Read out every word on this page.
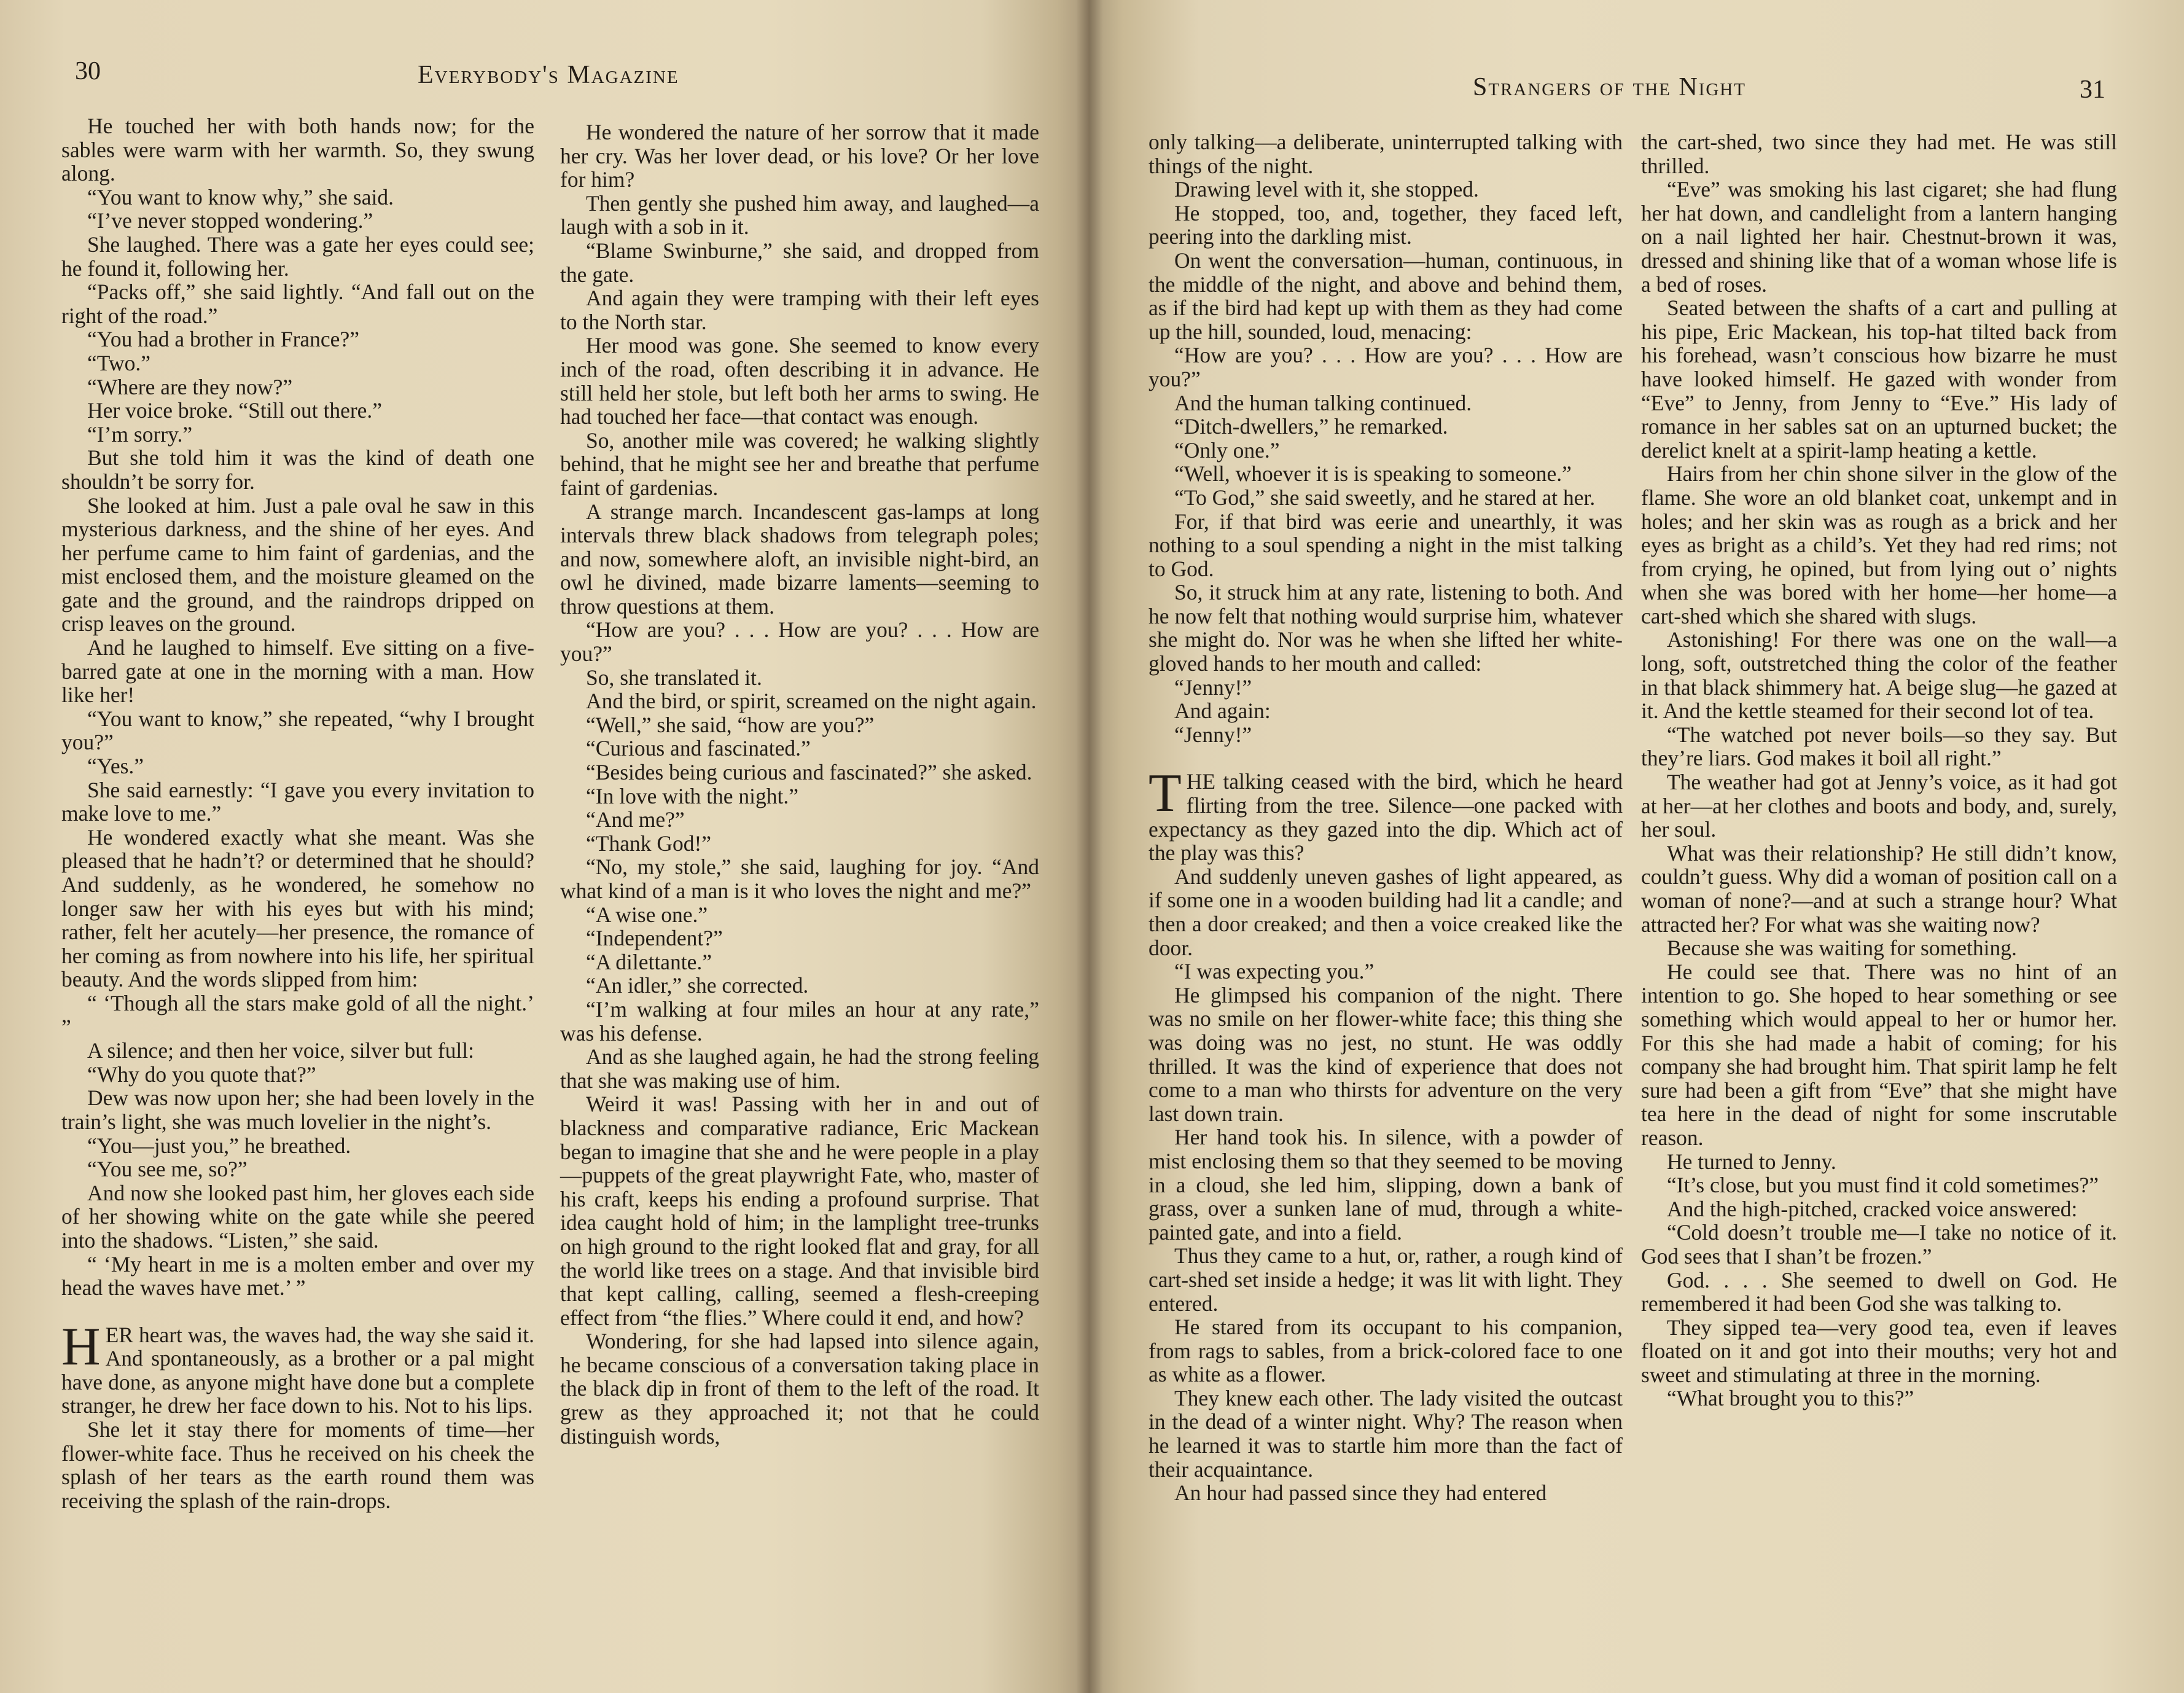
30	Everybody's Magazine

He touched her with both hands now; for the sables were warm with her warmth. So, they swung along.

“You want to know why,” she said.

“I’ve never stopped wondering.”

She laughed. There was a gate her eyes could see; he found it, following her.

“Packs off,” she said lightly. “And fall out on the right of the road.”

“You had a brother in France?”

“Two.”

“Where are they now?”

Her voice broke. “Still out there.”

“I’m sorry.”

But she told him it was the kind of death one shouldn’t be sorry for.

She looked at him. Just a pale oval he saw in this mysterious darkness, and the shine of her eyes. And her perfume came to him faint of gardenias, and the mist enclosed them, and the moisture gleamed on the gate and the ground, and the raindrops dripped on crisp leaves on the ground.

And he laughed to himself. Eve sitting on a five-barred gate at one in the morning with a man. How like her!

“You want to know,” she repeated, “why I brought you?”

“Yes.”

She said earnestly: “I gave you every invitation to make love to me.”

He wondered exactly what she meant. Was she pleased that he hadn’t? or determined that he should? And suddenly, as he wondered, he somehow no longer saw her with his eyes but with his mind; rather, felt her acutely—her presence, the romance of her coming as from nowhere into his life, her spiritual beauty. And the words slipped from him:

“ ‘Though all the stars make gold of all the night.’ ”

A silence; and then her voice, silver but full:

“Why do you quote that?”

Dew was now upon her; she had been lovely in the train’s light, she was much lovelier in the night’s.

“You—just you,” he breathed.

“You see me, so?”

And now she looked past him, her gloves each side of her showing white on the gate while she peered into the shadows. “Listen,” she said.

“ ‘My heart in me is a molten ember and over my head the waves have met.’ ”

H ER heart was, the waves had, the way she said it. And spontaneously, as a brother or a pal might have done, as anyone might have done but a complete stranger, he drew her face down to his. Not to his lips.

She let it stay there for moments of time—her flower-white face. Thus he received on his cheek the splash of her tears as the earth round them was receiving the splash of the rain-drops.

He wondered the nature of her sorrow that it made her cry. Was her lover dead, or his love? Or her love for him?

Then gently she pushed him away, and laughed—a laugh with a sob in it.

“Blame Swinburne,” she said, and dropped from the gate.

And again they were tramping with their left eyes to the North star.

Her mood was gone. She seemed to know every inch of the road, often describing it in advance. He still held her stole, but left both her arms to swing. He had touched her face—that contact was enough.

So, another mile was covered; he walking slightly behind, that he might see her and breathe that perfume faint of gardenias.

A strange march. Incandescent gas-lamps at long intervals threw black shadows from telegraph poles; and now, somewhere aloft, an invisible night-bird, an owl he divined, made bizarre laments—seeming to throw questions at them.

“How are you? . . . How are you? . . . How are you?”

So, she translated it.

And the bird, or spirit, screamed on the night again.

“Well,” she said, “how are you?”

“Curious and fascinated.”

“Besides being curious and fascinated?” she asked.

“In love with the night.”

“And me?”

“Thank God!”

“No, my stole,” she said, laughing for joy. “And what kind of a man is it who loves the night and me?”

“A wise one.”

“Independent?”

“A dilettante.”

“An idler,” she corrected.

“I’m walking at four miles an hour at any rate,” was his defense.

And as she laughed again, he had the strong feeling that she was making use of him.

Weird it was! Passing with her in and out of blackness and comparative radiance, Eric Mackean began to imagine that she and he were people in a play—puppets of the great playwright Fate, who, master of his craft, keeps his ending a profound surprise. That idea caught hold of him; in the lamplight tree-trunks on high ground to the right looked flat and gray, for all the world like trees on a stage. And that invisible bird that kept calling, calling, seemed a flesh-creeping effect from “the flies.” Where could it end, and how?

Wondering, for she had lapsed into silence again, he became conscious of a conversation taking place in the black dip in front of them to the left of the road. It grew as they approached it; not that he could distinguish words,

Strangers of the Night	31

only talking—a deliberate, uninterrupted talking with things of the night.

Drawing level with it, she stopped.

He stopped, too, and, together, they faced left, peering into the darkling mist.

On went the conversation—human, continuous, in the middle of the night, and above and behind them, as if the bird had kept up with them as they had come up the hill, sounded, loud, menacing:

“How are you? . . . How are you? . . . How are you?”

And the human talking continued.

“Ditch-dwellers,” he remarked.

“Only one.”

“Well, whoever it is is speaking to someone.”

“To God,” she said sweetly, and he stared at her.

For, if that bird was eerie and unearthly, it was nothing to a soul spending a night in the mist talking to God.

So, it struck him at any rate, listening to both. And he now felt that nothing would surprise him, whatever she might do. Nor was he when she lifted her white-gloved hands to her mouth and called:

“Jenny!”

And again:

“Jenny!”

T HE talking ceased with the bird, which he heard flirting from the tree. Silence—one packed with expectancy as they gazed into the dip. Which act of the play was this?

And suddenly uneven gashes of light appeared, as if some one in a wooden building had lit a candle; and then a door creaked; and then a voice creaked like the door.

“I was expecting you.”

He glimpsed his companion of the night. There was no smile on her flower-white face; this thing she was doing was no jest, no stunt. He was oddly thrilled. It was the kind of experience that does not come to a man who thirsts for adventure on the very last down train.

Her hand took his. In silence, with a powder of mist enclosing them so that they seemed to be moving in a cloud, she led him, slipping, down a bank of grass, over a sunken lane of mud, through a white-painted gate, and into a field.

Thus they came to a hut, or, rather, a rough kind of cart-shed set inside a hedge; it was lit with light. They entered.

He stared from its occupant to his companion, from rags to sables, from a brick-colored face to one as white as a flower.

They knew each other. The lady visited the outcast in the dead of a winter night. Why? The reason when he learned it was to startle him more than the fact of their acquaintance.

An hour had passed since they had entered

the cart-shed, two since they had met. He was still thrilled.

“Eve” was smoking his last cigaret; she had flung her hat down, and candlelight from a lantern hanging on a nail lighted her hair. Chestnut-brown it was, dressed and shining like that of a woman whose life is a bed of roses.

Seated between the shafts of a cart and pulling at his pipe, Eric Mackean, his top-hat tilted back from his forehead, wasn’t conscious how bizarre he must have looked himself. He gazed with wonder from “Eve” to Jenny, from Jenny to “Eve.” His lady of romance in her sables sat on an upturned bucket; the derelict knelt at a spirit-lamp heating a kettle.

Hairs from her chin shone silver in the glow of the flame. She wore an old blanket coat, unkempt and in holes; and her skin was as rough as a brick and her eyes as bright as a child’s. Yet they had red rims; not from crying, he opined, but from lying out o’ nights when she was bored with her home—her home—a cart-shed which she shared with slugs.

Astonishing! For there was one on the wall—a long, soft, outstretched thing the color of the feather in that black shimmery hat. A beige slug—he gazed at it. And the kettle steamed for their second lot of tea.

“The watched pot never boils—so they say. But they’re liars. God makes it boil all right.”

The weather had got at Jenny’s voice, as it had got at her—at her clothes and boots and body, and, surely, her soul.

What was their relationship? He still didn’t know, couldn’t guess. Why did a woman of position call on a woman of none?—and at such a strange hour? What attracted her? For what was she waiting now?

Because she was waiting for something.

He could see that. There was no hint of an intention to go. She hoped to hear something or see something which would appeal to her or humor her. For this she had made a habit of coming; for his company she had brought him. That spirit lamp he felt sure had been a gift from “Eve” that she might have tea here in the dead of night for some inscrutable reason.

He turned to Jenny.

“It’s close, but you must find it cold sometimes?”

And the high-pitched, cracked voice answered:

“Cold doesn’t trouble me—I take no notice of it. God sees that I shan’t be frozen.”

God. . . . She seemed to dwell on God. He remembered it had been God she was talking to.

They sipped tea—very good tea, even if leaves floated on it and got into their mouths; very hot and sweet and stimulating at three in the morning.

“What brought you to this?”
